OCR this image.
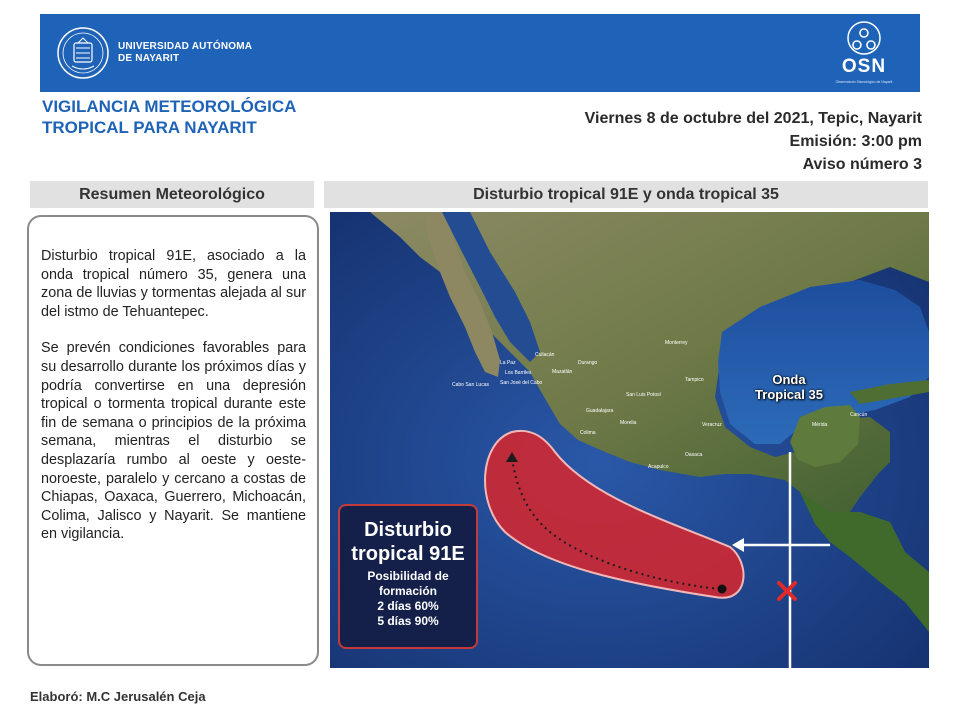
UNIVERSIDAD AUTÓNOMA
DE NAYARIT	OSN
Observatorio Sismológico de Nayarit
VIGILANCIA METEOROLÓGICA
TROPICAL PARA NAYARIT	Viernes 8 de octubre del 2021, Tepic, Nayarit
Emisión: 3:00 pm
Aviso número 3
Resumen Meteorológico	Disturbio tropical 91E y onda tropical 35

Disturbio tropical 91E, asociado a la onda tropical número 35, genera una zona de lluvias y tormentas alejada al sur del istmo de Tehuantepec.

Se prevén condiciones favorables para su desarrollo durante los próximos días y podría convertirse en una depresión tropical o tormenta tropical durante este fin de semana o principios de la próxima semana, mientras el disturbio se desplazaría rumbo al oeste y oeste-noroeste, paralelo y cercano a costas de Chiapas, Oaxaca, Guerrero, Michoacán, Colima, Jalisco y Nayarit. Se mantiene en vigilancia.

La Paz
Los Barriles
Cabo San Lucas San José del Cabo
Culiacán
Mazatlán
Durango
Monterrey
Tampico
San Luis Potosí
Guadalajara
Colima
Morelia
Acapulco
Oaxaca
Veracruz	Mérida
Cancún
Onda
Tropical 35
Disturbio
tropical 91E
Posibilidad de
formación
2 días 60%
5 días 90%
Elaboró: M.C Jerusalén Ceja
